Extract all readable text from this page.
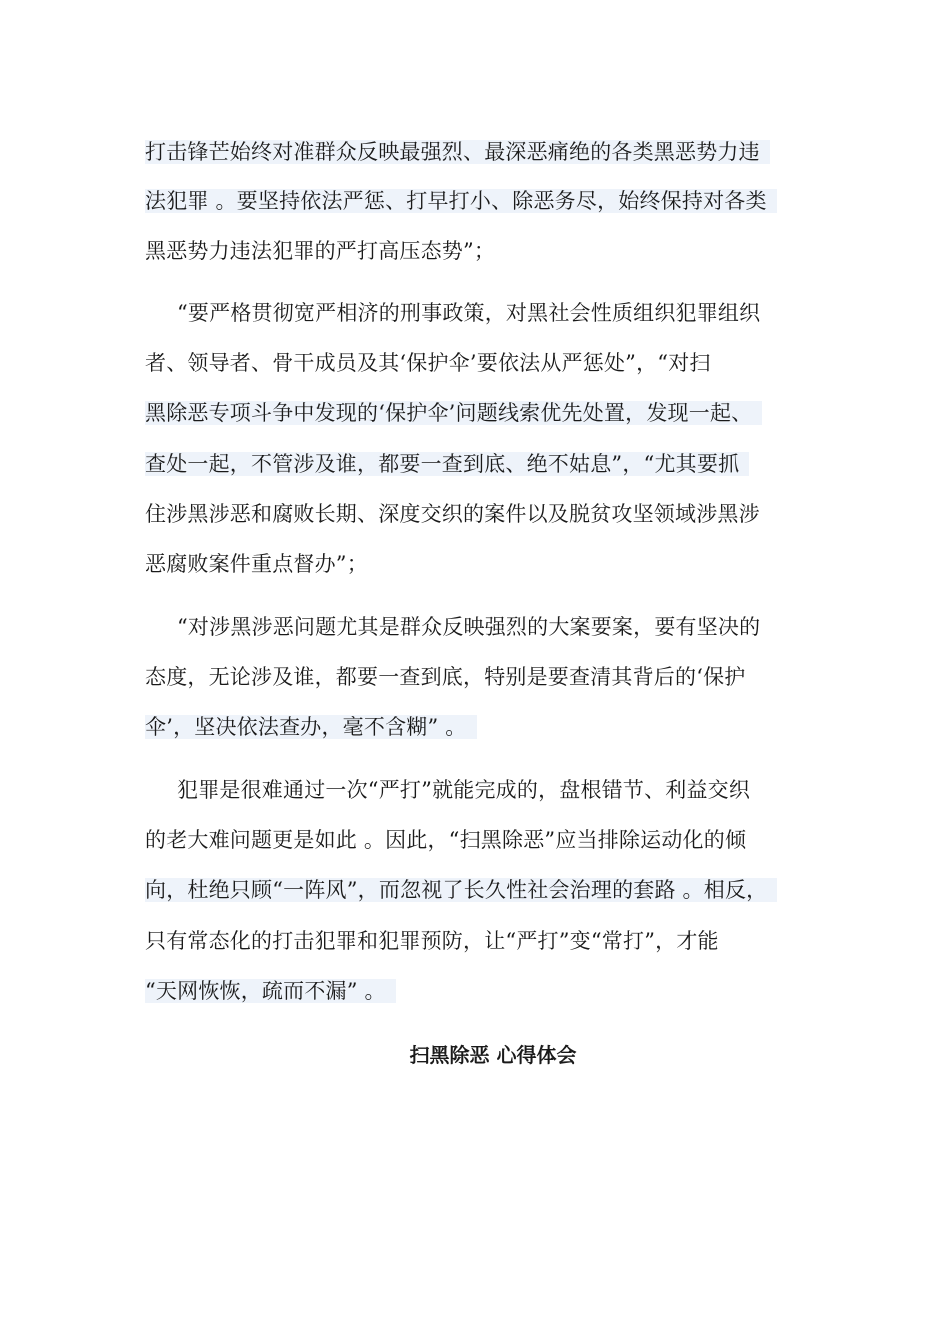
打击锋芒始终对准群众反映最强烈、最深恶痛绝的各类黑恶势力违
法犯罪 。要坚持依法严惩、打早打小、除恶务尽，始终保持对各类
黑恶势力违法犯罪的严打高压态势”；
“要严格贯彻宽严相济的刑事政策，对黑社会性质组织犯罪组织
者、领导者、骨干成员及其‘保护伞’要依法从严惩处”，“对扫
黑除恶专项斗争中发现的‘保护伞’问题线索优先处置，发现一起、
查处一起，不管涉及谁，都要一查到底、绝不姑息”，“尤其要抓
住涉黑涉恶和腐败长期、深度交织的案件以及脱贫攻坚领域涉黑涉
恶腐败案件重点督办”；
“对涉黑涉恶问题尤其是群众反映强烈的大案要案，要有坚决的
态度，无论涉及谁，都要一查到底，特别是要查清其背后的‘保护
伞’，坚决依法查办，毫不含糊” 。
犯罪是很难通过一次“严打”就能完成的，盘根错节、利益交织
的老大难问题更是如此 。因此，“扫黑除恶”应当排除运动化的倾
向，杜绝只顾“一阵风”，而忽视了长久性社会治理的套路 。相反，
只有常态化的打击犯罪和犯罪预防，让“严打”变“常打”，才能
“天网恢恢，疏而不漏” 。
扫黑除恶 心得体会
